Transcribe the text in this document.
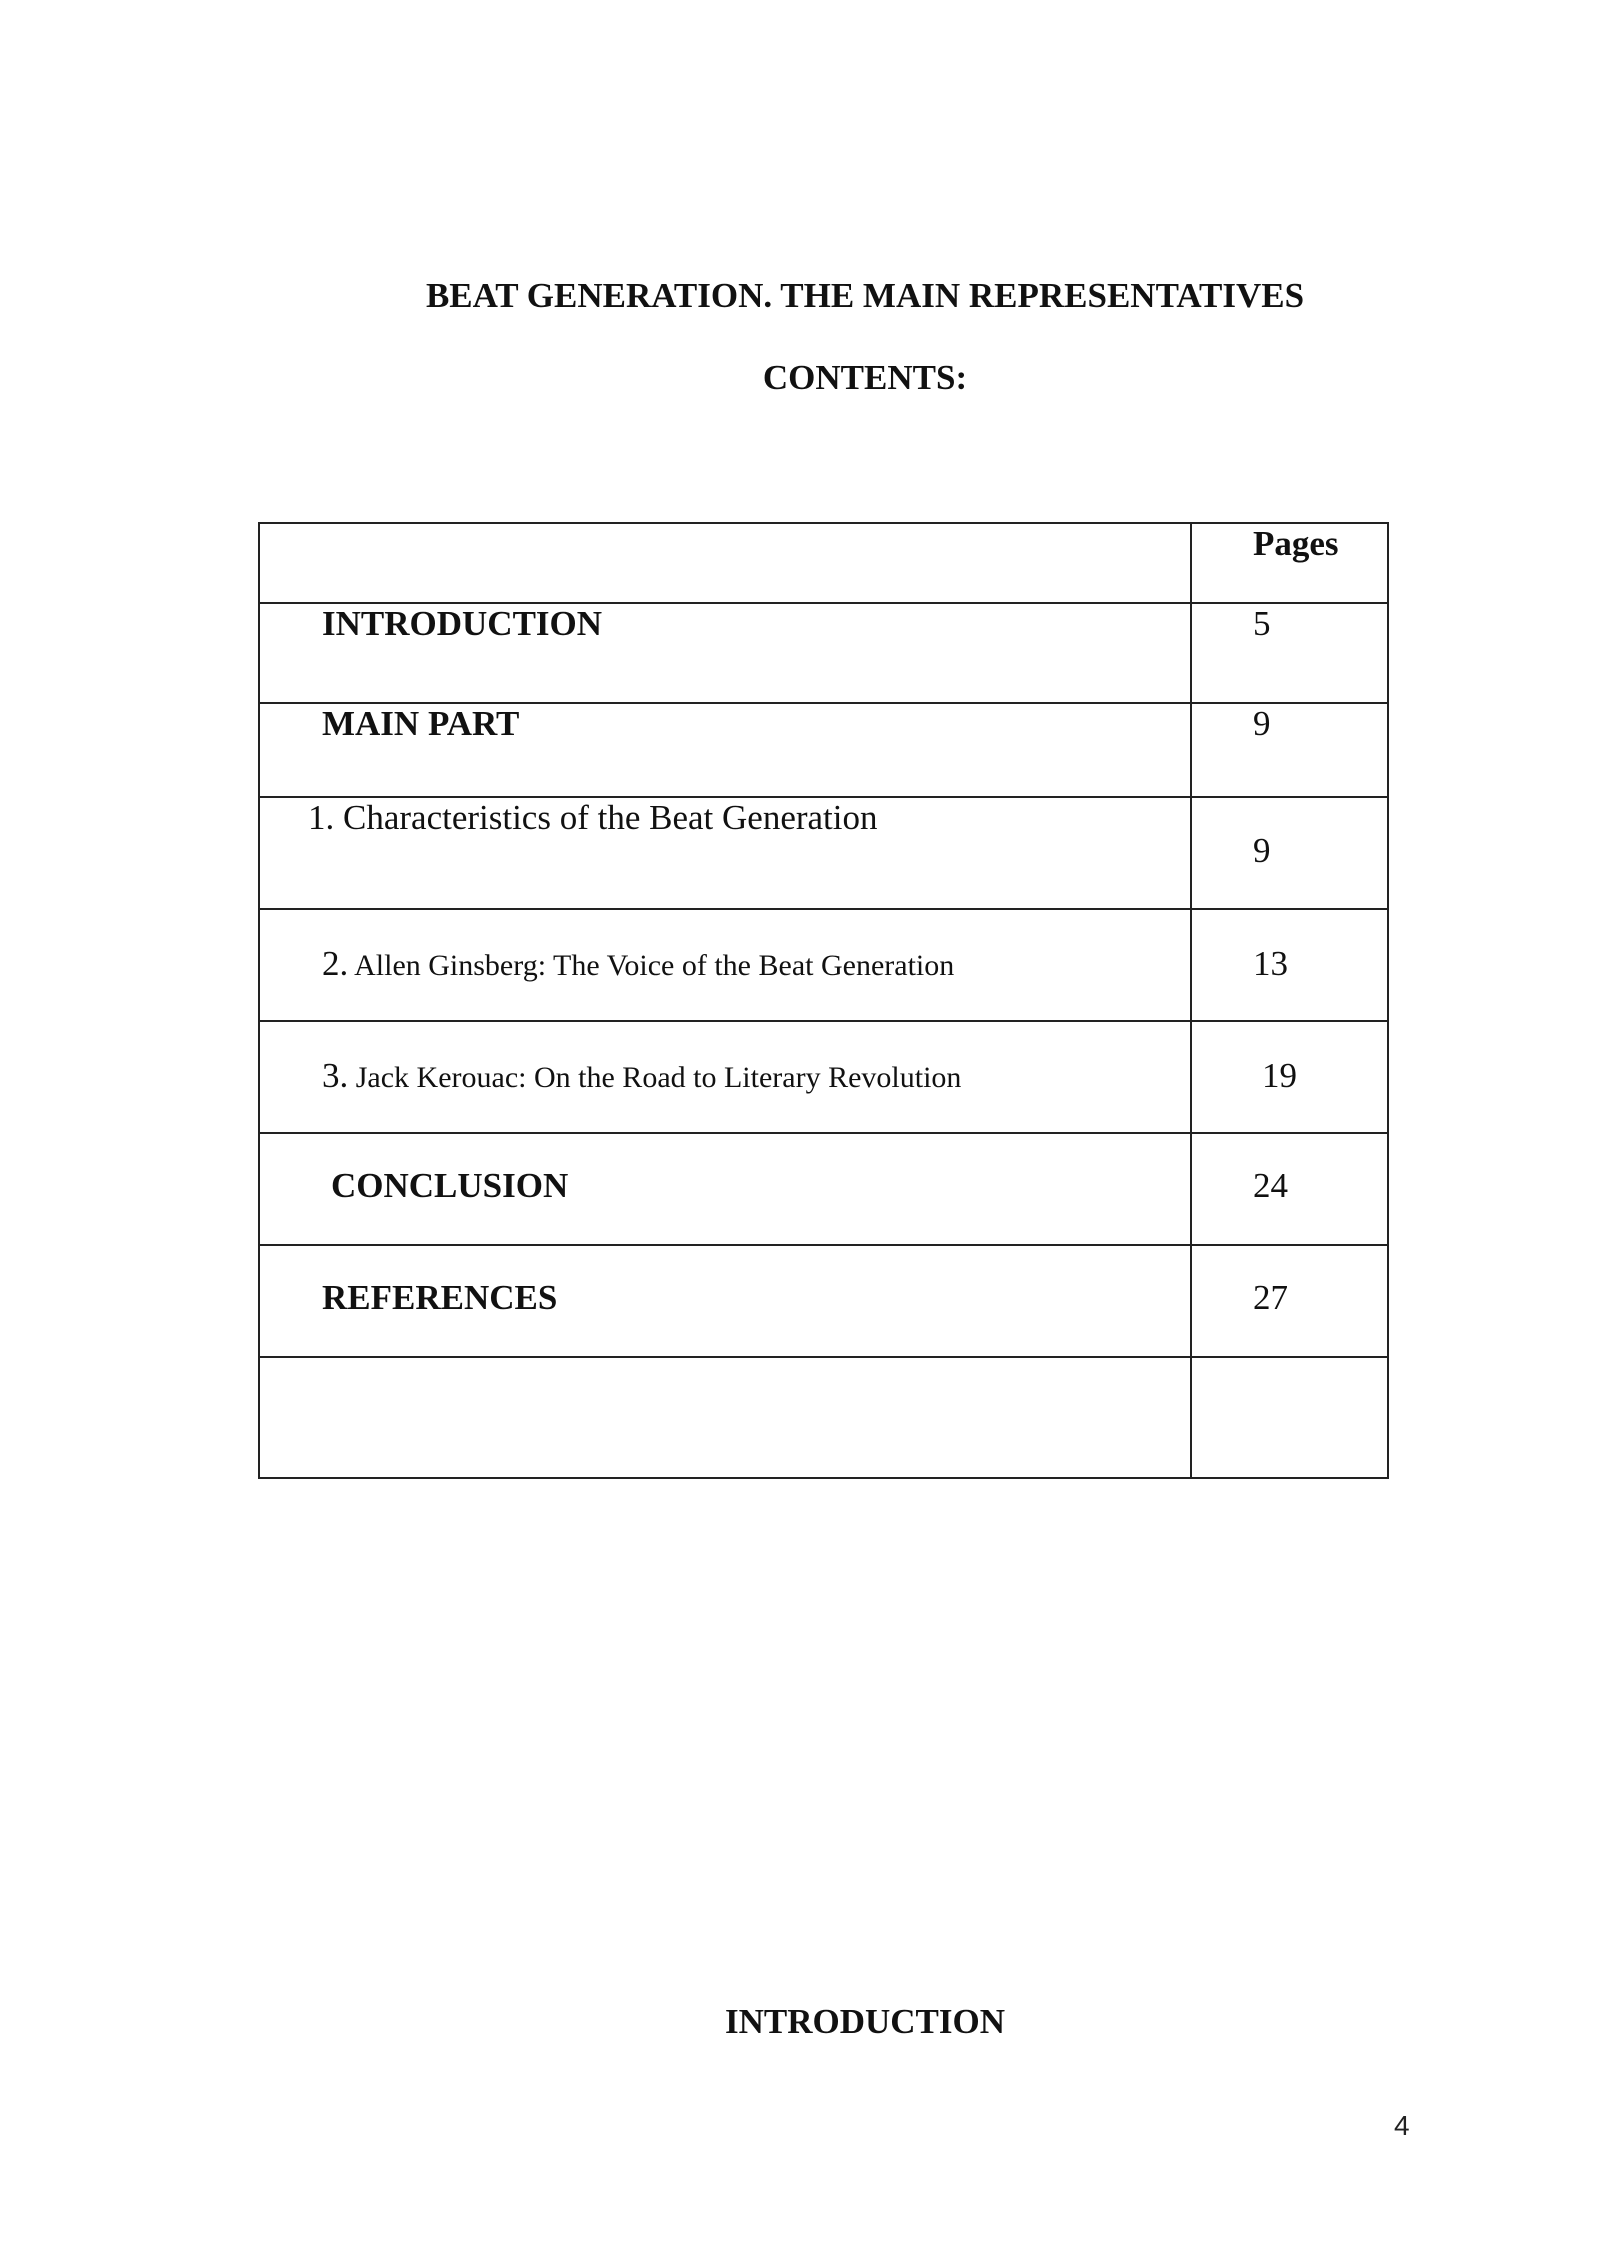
BEAT GENERATION. THE MAIN REPRESENTATIVES
CONTENTS:

	Pages

INTRODUCTION	5

MAIN PART	9

1. Characteristics of the Beat Generation	9

2. Allen Ginsberg: The Voice of the Beat Generation	13

3. Jack Kerouac: On the Road to Literary Revolution	19

CONCLUSION	24

REFERENCES	27

INTRODUCTION
4
